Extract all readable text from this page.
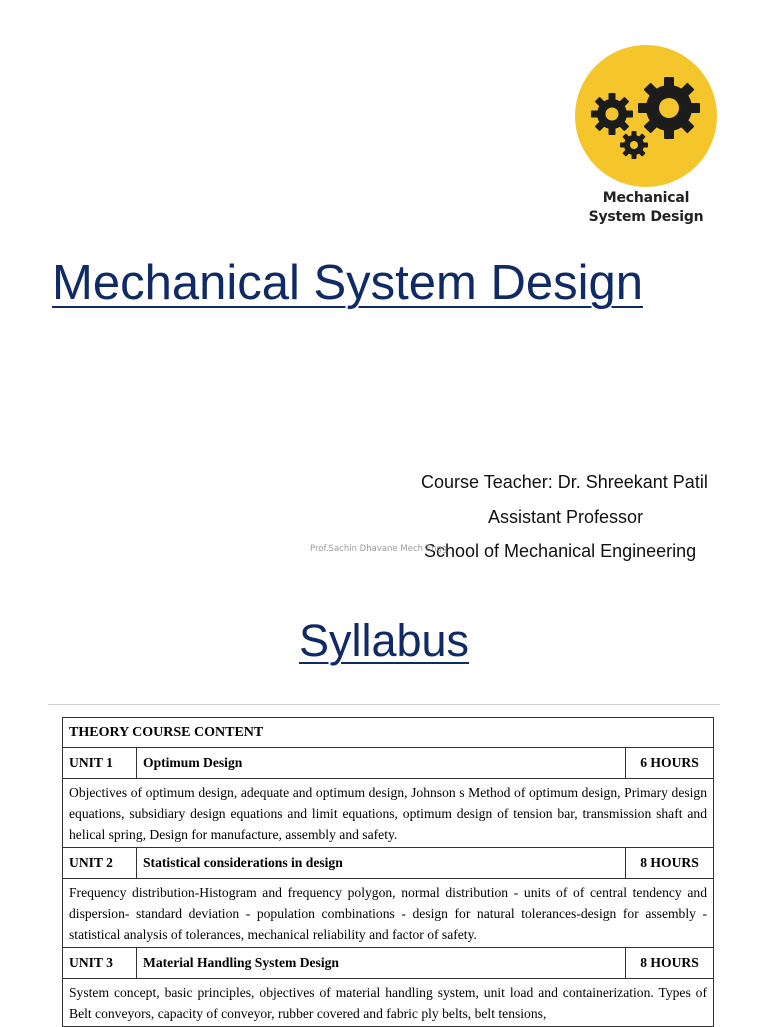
Mechanical
System Design
Mechanical System Design
Course Teacher: Dr. Shreekant Patil
Assistant Professor
School of Mechanical Engineering
Prof.Sachin Dhavane Mech Engg
Syllabus
THEORY COURSE CONTENT		
UNIT 1	Optimum Design	6 HOURS
Objectives of optimum design, adequate and optimum design, Johnson s Method of optimum design, Primary design equations, subsidiary design equations and limit equations, optimum design of tension bar, transmission shaft and helical spring, Design for manufacture, assembly and safety.		
UNIT 2	Statistical considerations in design	8 HOURS
Frequency distribution-Histogram and frequency polygon, normal distribution - units of of central tendency and dispersion- standard deviation - population combinations - design for natural tolerances-design for assembly - statistical analysis of tolerances, mechanical reliability and factor of safety.		
UNIT 3	Material Handling System Design	8 HOURS
System concept, basic principles, objectives of material handling system, unit load and containerization. Types of Belt conveyors, capacity of conveyor, rubber covered and fabric ply belts, belt tensions,		
